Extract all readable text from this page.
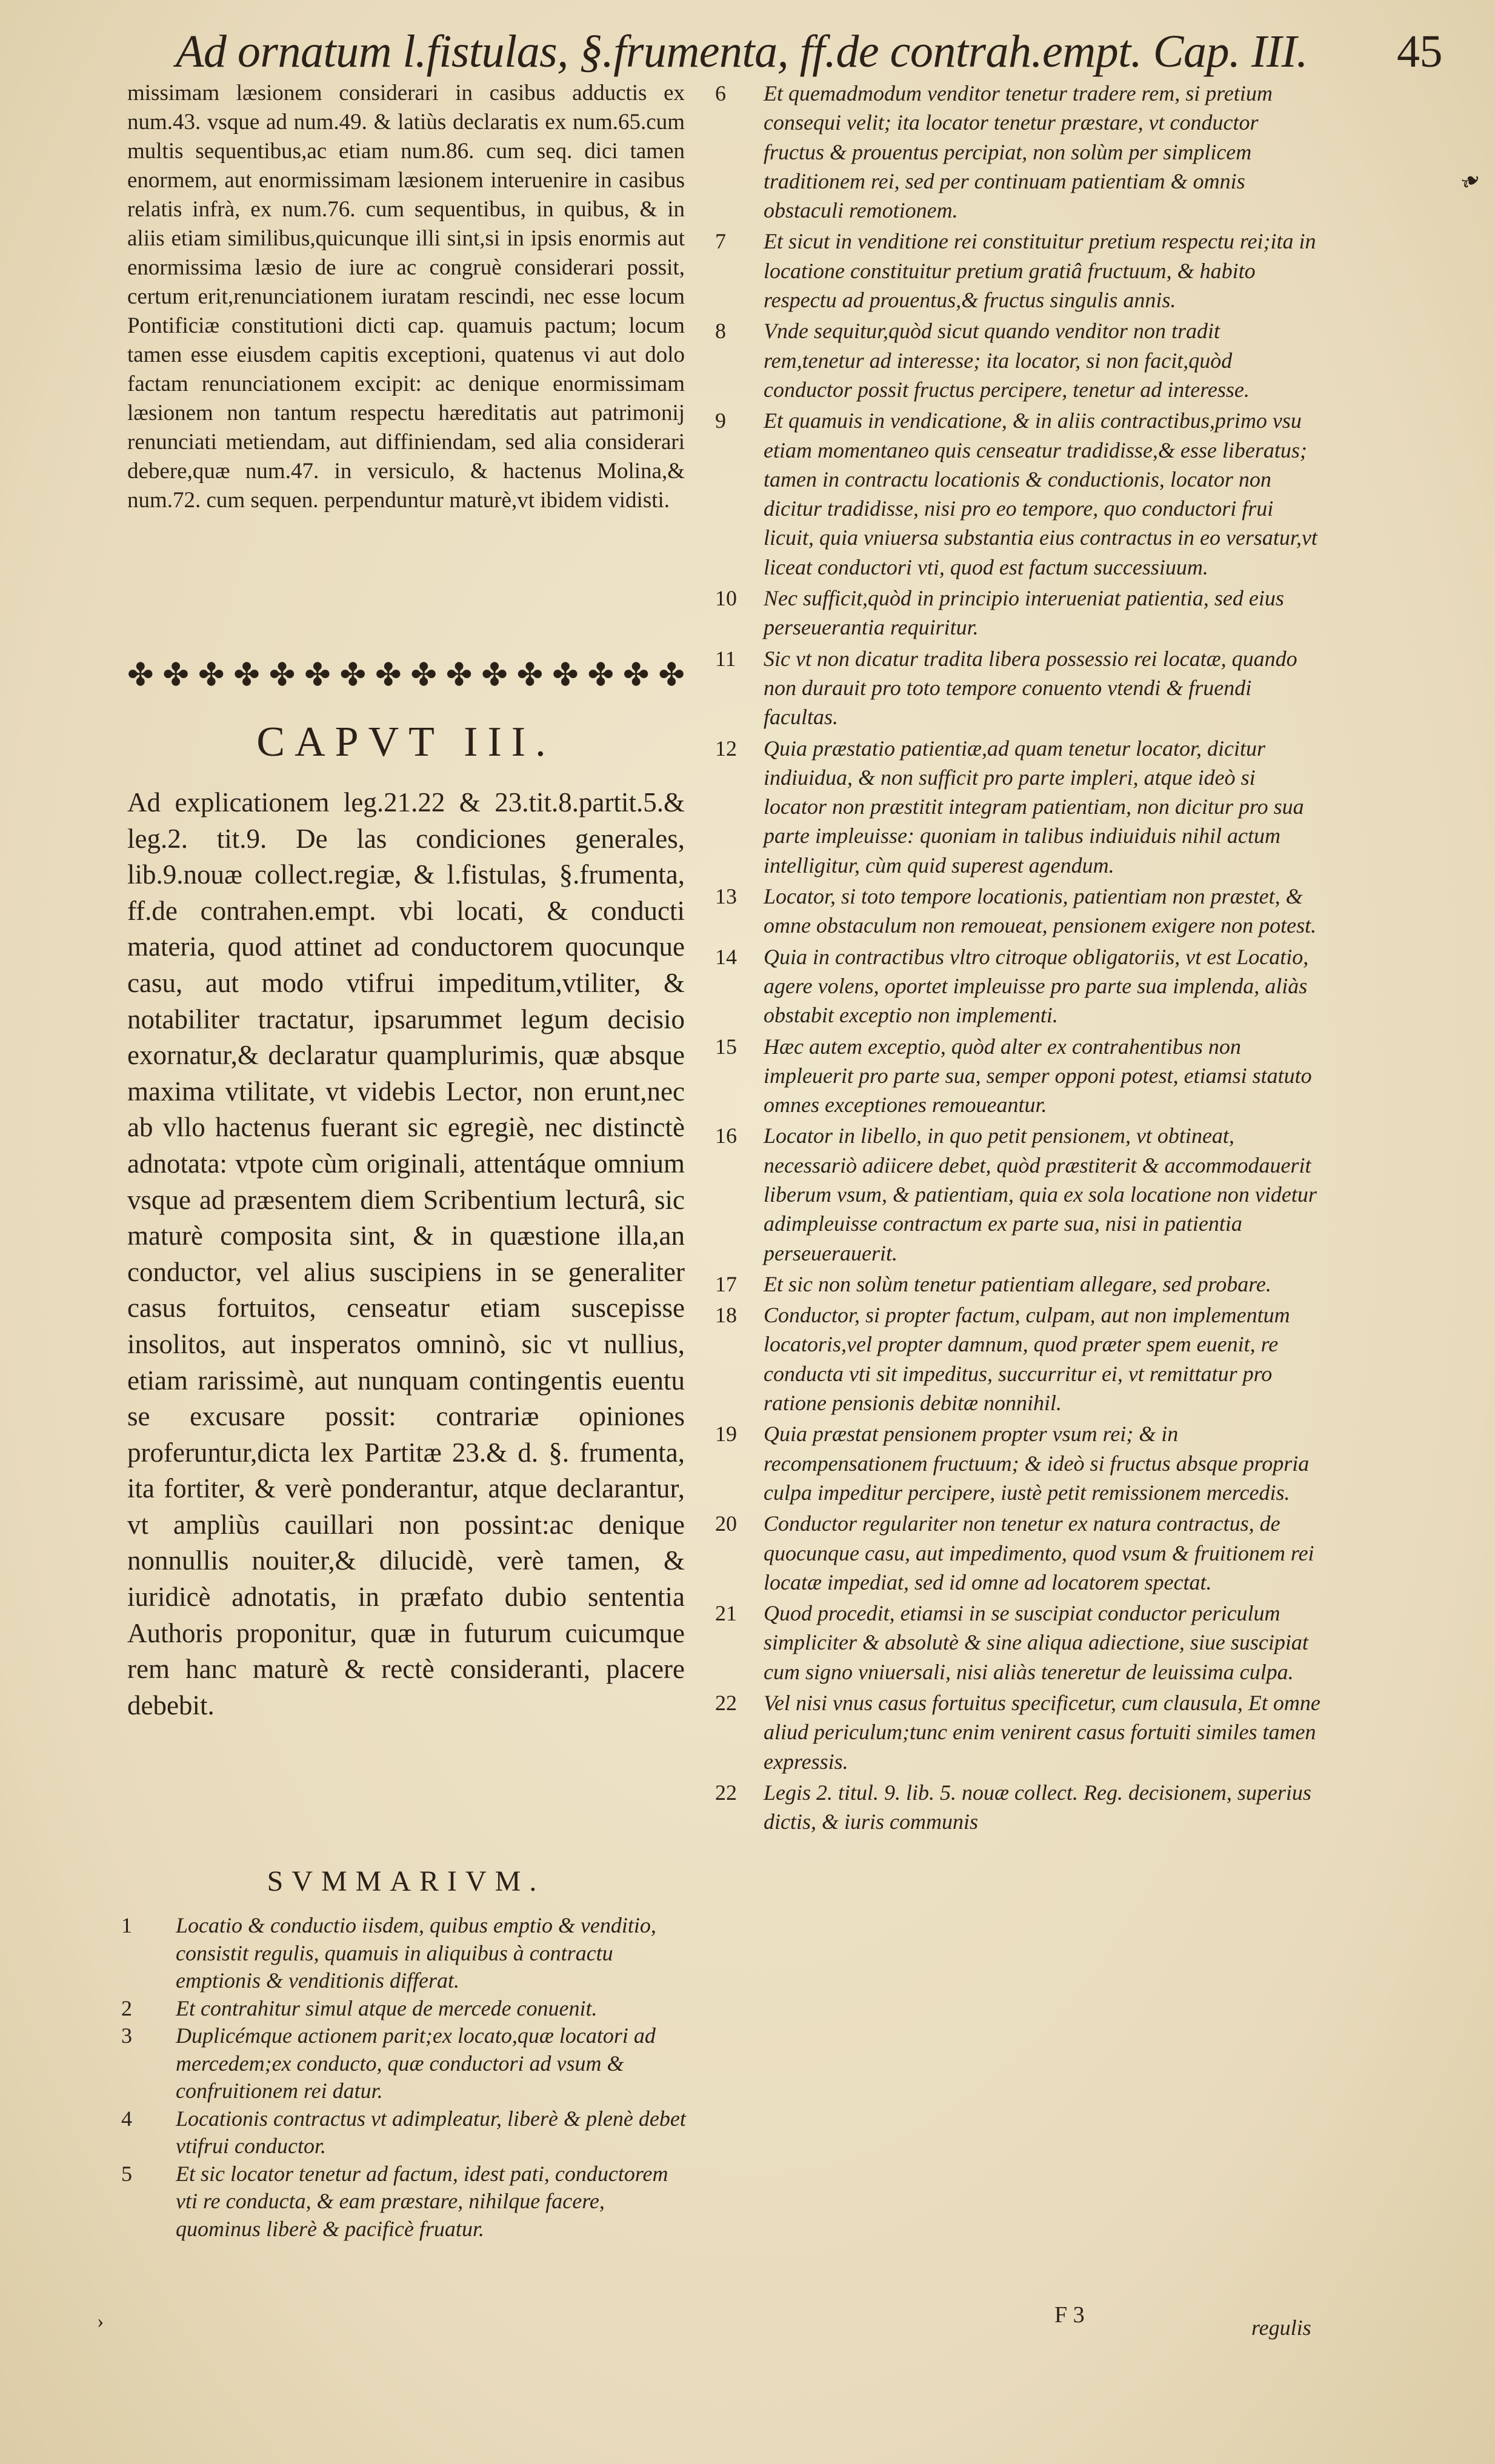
Ad ornatum l.fistulas, §.frumenta, ff.de contrah.empt. Cap. III. 45
❧

missimam læsionem considerari in casibus adductis ex num.43. vsque ad num.49. & latiùs declaratis ex num.65.cum multis sequentibus,ac etiam num.86. cum seq. dici tamen enormem, aut enormissimam læsionem interuenire in casibus relatis infrà, ex num.76. cum sequentibus, in quibus, & in aliis etiam similibus,quicunque illi sint,si in ipsis enormis aut enormissima læsio de iure ac congruè considerari possit, certum erit,renunciationem iuratam rescindi, nec esse locum Pontificiæ constitutioni dicti cap. quamuis pactum; locum tamen esse eiusdem capitis exceptioni, quatenus vi aut dolo factam renunciationem excipit: ac denique enormissimam læsionem non tantum respectu hæreditatis aut patrimonij renunciati metiendam, aut diffiniendam, sed alia considerari debere,quæ num.47. in versiculo, & hactenus Molina,& num.72. cum sequen. perpenduntur maturè,vt ibidem vidisti.

✤ ✤ ✤ ✤ ✤ ✤ ✤ ✤ ✤ ✤ ✤ ✤ ✤ ✤ ✤ ✤
CAPVT III.

Ad explicationem leg.21.22 & 23.tit.8.partit.5.& leg.2. tit.9. De las condiciones generales, lib.9.nouæ collect.regiæ, & l.fistulas, §.frumenta, ff.de contrahen.empt. vbi locati, & conducti materia, quod attinet ad conductorem quocunque casu, aut modo vtifrui impeditum,vtiliter, & notabiliter tractatur, ipsarummet legum decisio exornatur,& declaratur quamplurimis, quæ absque maxima vtilitate, vt videbis Lector, non erunt,nec ab vllo hactenus fuerant sic egregiè, nec distinctè adnotata: vtpote cùm originali, attentáque omnium vsque ad præsentem diem Scribentium lecturâ, sic maturè composita sint, & in quæstione illa,an conductor, vel alius suscipiens in se generaliter casus fortuitos, censeatur etiam suscepisse insolitos, aut insperatos omninò, sic vt nullius, etiam rarissimè, aut nunquam contingentis euentu se excusare possit: contrariæ opiniones proferuntur,dicta lex Partitæ 23.& d. §. frumenta, ita fortiter, & verè ponderantur, atque declarantur, vt ampliùs cauillari non possint:ac denique nonnullis nouiter,& dilucidè, verè tamen, & iuridicè adnotatis, in præfato dubio sententia Authoris proponitur, quæ in futurum cuicumque rem hanc maturè & rectè consideranti, placere debebit.

SVMMARIVM.
1	Locatio & conductio iisdem, quibus emptio & venditio, consistit regulis, quamuis in aliquibus à contractu emptionis & venditionis differat.
2	Et contrahitur simul atque de mercede conuenit.
3	Duplicémque actionem parit;ex locato,quæ locatori ad mercedem;ex conducto, quæ conductori ad vsum & confruitionem rei datur.
4	Locationis contractus vt adimpleatur, liberè & plenè debet vtifrui conductor.
5	Et sic locator tenetur ad factum, idest pati, conductorem vti re conducta, & eam præstare, nihilque facere, quominus liberè & pacificè fruatur.
6	Et quemadmodum venditor tenetur tradere rem, si pretium consequi velit; ita locator tenetur præstare, vt conductor fructus & prouentus percipiat, non solùm per simplicem traditionem rei, sed per continuam patientiam & omnis obstaculi remotionem.
7	Et sicut in venditione rei constituitur pretium respectu rei;ita in locatione constituitur pretium gratiâ fructuum, & habito respectu ad prouentus,& fructus singulis annis.
8	Vnde sequitur,quòd sicut quando venditor non tradit rem,tenetur ad interesse; ita locator, si non facit,quòd conductor possit fructus percipere, tenetur ad interesse.
9	Et quamuis in vendicatione, & in aliis contractibus,primo vsu etiam momentaneo quis censeatur tradidisse,& esse liberatus; tamen in contractu locationis & conductionis, locator non dicitur tradidisse, nisi pro eo tempore, quo conductori frui licuit, quia vniuersa substantia eius contractus in eo versatur,vt liceat conductori vti, quod est factum successiuum.
10	Nec sufficit,quòd in principio interueniat patientia, sed eius perseuerantia requiritur.
11	Sic vt non dicatur tradita libera possessio rei locatæ, quando non durauit pro toto tempore conuento vtendi & fruendi facultas.
12	Quia præstatio patientiæ,ad quam tenetur locator, dicitur indiuidua, & non sufficit pro parte impleri, atque ideò si locator non præstitit integram patientiam, non dicitur pro sua parte impleuisse: quoniam in talibus indiuiduis nihil actum intelligitur, cùm quid superest agendum.
13	Locator, si toto tempore locationis, patientiam non præstet, & omne obstaculum non remoueat, pensionem exigere non potest.
14	Quia in contractibus vltro citroque obligatoriis, vt est Locatio, agere volens, oportet impleuisse pro parte sua implenda, aliàs obstabit exceptio non implementi.
15	Hæc autem exceptio, quòd alter ex contrahentibus non impleuerit pro parte sua, semper opponi potest, etiamsi statuto omnes exceptiones remoueantur.
16	Locator in libello, in quo petit pensionem, vt obtineat, necessariò adiicere debet, quòd præstiterit & accommodauerit liberum vsum, & patientiam, quia ex sola locatione non videtur adimpleuisse contractum ex parte sua, nisi in patientia perseuerauerit.
17	Et sic non solùm tenetur patientiam allegare, sed probare.
18	Conductor, si propter factum, culpam, aut non implementum locatoris,vel propter damnum, quod præter spem euenit, re conducta vti sit impeditus, succurritur ei, vt remittatur pro ratione pensionis debitæ nonnihil.
19	Quia præstat pensionem propter vsum rei; & in recompensationem fructuum; & ideò si fructus absque propria culpa impeditur percipere, iustè petit remissionem mercedis.
20	Conductor regulariter non tenetur ex natura contractus, de quocunque casu, aut impedimento, quod vsum & fruitionem rei locatæ impediat, sed id omne ad locatorem spectat.
21	Quod procedit, etiamsi in se suscipiat conductor periculum simpliciter & absolutè & sine aliqua adiectione, siue suscipiat cum signo vniuersali, nisi aliàs teneretur de leuissima culpa.
22	Vel nisi vnus casus fortuitus specificetur, cum clausula, Et omne aliud periculum;tunc enim venirent casus fortuiti similes tamen expressis.
22	Legis 2. titul. 9. lib. 5. nouæ collect. Reg. decisionem, superius dictis, & iuris communis
›	F 3	regulis
